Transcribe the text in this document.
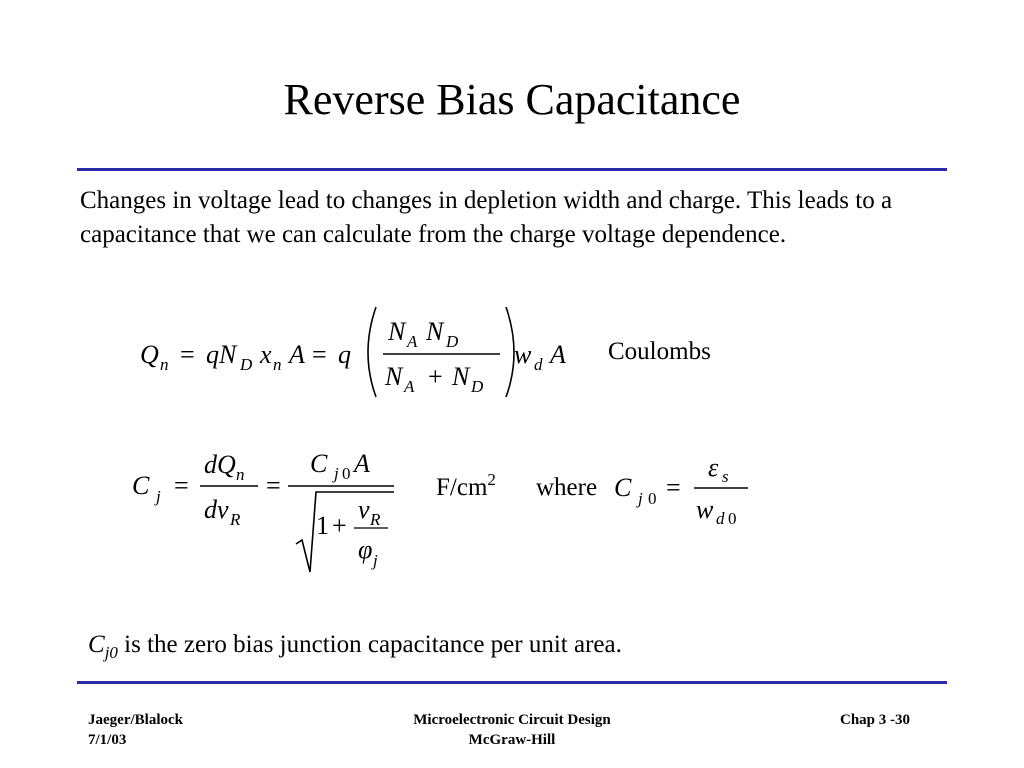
Reverse Bias Capacitance
Changes in voltage lead to changes in depletion width and charge. This leads to a capacitance that we can calculate from the charge voltage dependence.
Q n = qN D x n A = q
N A N D
N A + N D
w d A Coulombs
C j =
dQ n
dv R
=
C j 0 A
1 +
v R
φ j
$F/cm^2$ where C j 0 =
ε s
w d 0
$C_{j0}$ is the zero bias junction capacitance per unit area.
Jaeger/Blalock
7/1/03
Microelectronic Circuit Design
McGraw-Hill
Chap 3 -30
